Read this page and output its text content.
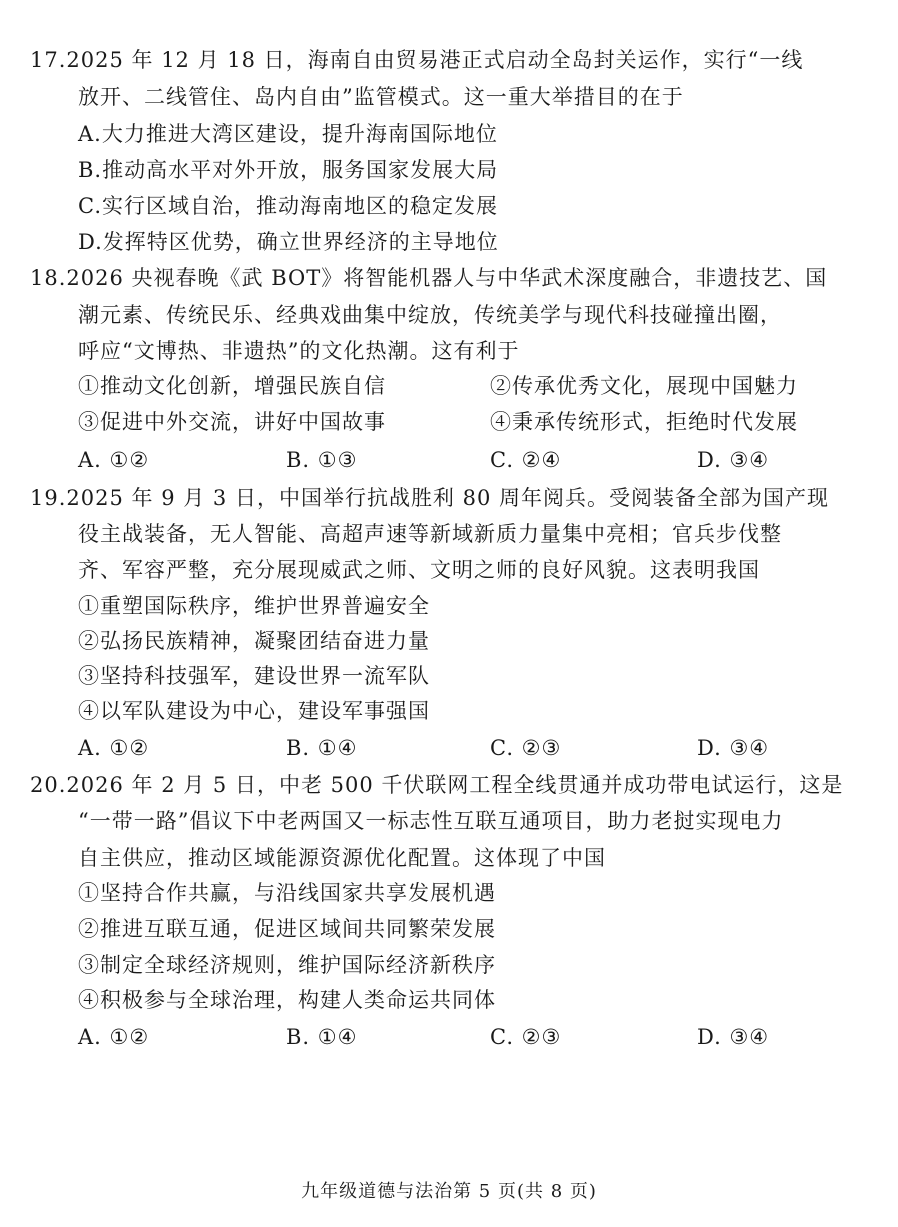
17.2025 年 12 月 18 日，海南自由贸易港正式启动全岛封关运作，实行“一线
放开、二线管住、岛内自由”监管模式。这一重大举措目的在于
A.大力推进大湾区建设，提升海南国际地位
B.推动高水平对外开放，服务国家发展大局
C.实行区域自治，推动海南地区的稳定发展
D.发挥特区优势，确立世界经济的主导地位
18.2026 央视春晚《武 BOT》将智能机器人与中华武术深度融合，非遗技艺、国
潮元素、传统民乐、经典戏曲集中绽放，传统美学与现代科技碰撞出圈，
呼应“文博热、非遗热”的文化热潮。这有利于
①推动文化创新，增强民族自信	②传承优秀文化，展现中国魅力
③促进中外交流，讲好中国故事	④秉承传统形式，拒绝时代发展
A. ①②	B. ①③	C. ②④	D. ③④
19.2025 年 9 月 3 日，中国举行抗战胜利 80 周年阅兵。受阅装备全部为国产现
役主战装备，无人智能、高超声速等新域新质力量集中亮相；官兵步伐整
齐、军容严整，充分展现威武之师、文明之师的良好风貌。这表明我国
①重塑国际秩序，维护世界普遍安全
②弘扬民族精神，凝聚团结奋进力量
③坚持科技强军，建设世界一流军队
④以军队建设为中心，建设军事强国
A. ①②	B. ①④	C. ②③	D. ③④
20.2026 年 2 月 5 日，中老 500 千伏联网工程全线贯通并成功带电试运行，这是
“一带一路”倡议下中老两国又一标志性互联互通项目，助力老挝实现电力
自主供应，推动区域能源资源优化配置。这体现了中国
①坚持合作共赢，与沿线国家共享发展机遇
②推进互联互通，促进区域间共同繁荣发展
③制定全球经济规则，维护国际经济新秩序
④积极参与全球治理，构建人类命运共同体
A. ①②	B. ①④	C. ②③	D. ③④
九年级道德与法治第 5 页(共 8 页)
